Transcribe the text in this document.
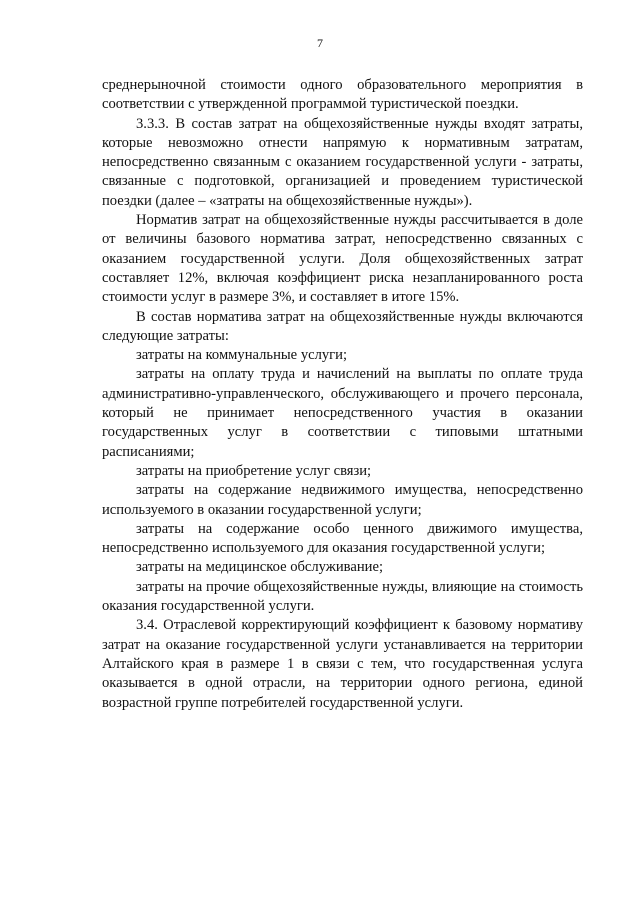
7

среднерыночной стоимости одного образовательного мероприятия в соответствии с утвержденной программой туристической поездки.

3.3.3. В состав затрат на общехозяйственные нужды входят затраты, которые невозможно отнести напрямую к нормативным затратам, непосредственно связанным с оказанием государственной услуги - затраты, связанные с подготовкой, организацией и проведением туристической поездки (далее – «затраты на общехозяйственные нужды»).

Норматив затрат на общехозяйственные нужды рассчитывается в доле от величины базового норматива затрат, непосредственно связанных с оказанием государственной услуги. Доля общехозяйственных затрат составляет 12%, включая коэффициент риска незапланированного роста стоимости услуг в размере 3%, и составляет в итоге 15%.

В состав норматива затрат на общехозяйственные нужды включаются следующие затраты:

затраты на коммунальные услуги;

затраты на оплату труда и начислений на выплаты по оплате труда административно-управленческого, обслуживающего и прочего персонала, который не принимает непосредственного участия в оказании государственных услуг в соответствии с типовыми штатными расписаниями;

затраты на приобретение услуг связи;

затраты на содержание недвижимого имущества, непосредственно используемого в оказании государственной услуги;

затраты на содержание особо ценного движимого имущества, непосредственно используемого для оказания государственной услуги;

затраты на медицинское обслуживание;

затраты на прочие общехозяйственные нужды, влияющие на стоимость оказания государственной услуги.

3.4. Отраслевой корректирующий коэффициент к базовому нормативу затрат на оказание государственной услуги устанавливается на территории Алтайского края в размере 1 в связи с тем, что государственная услуга оказывается в одной отрасли, на территории одного региона, единой возрастной группе потребителей государственной услуги.
